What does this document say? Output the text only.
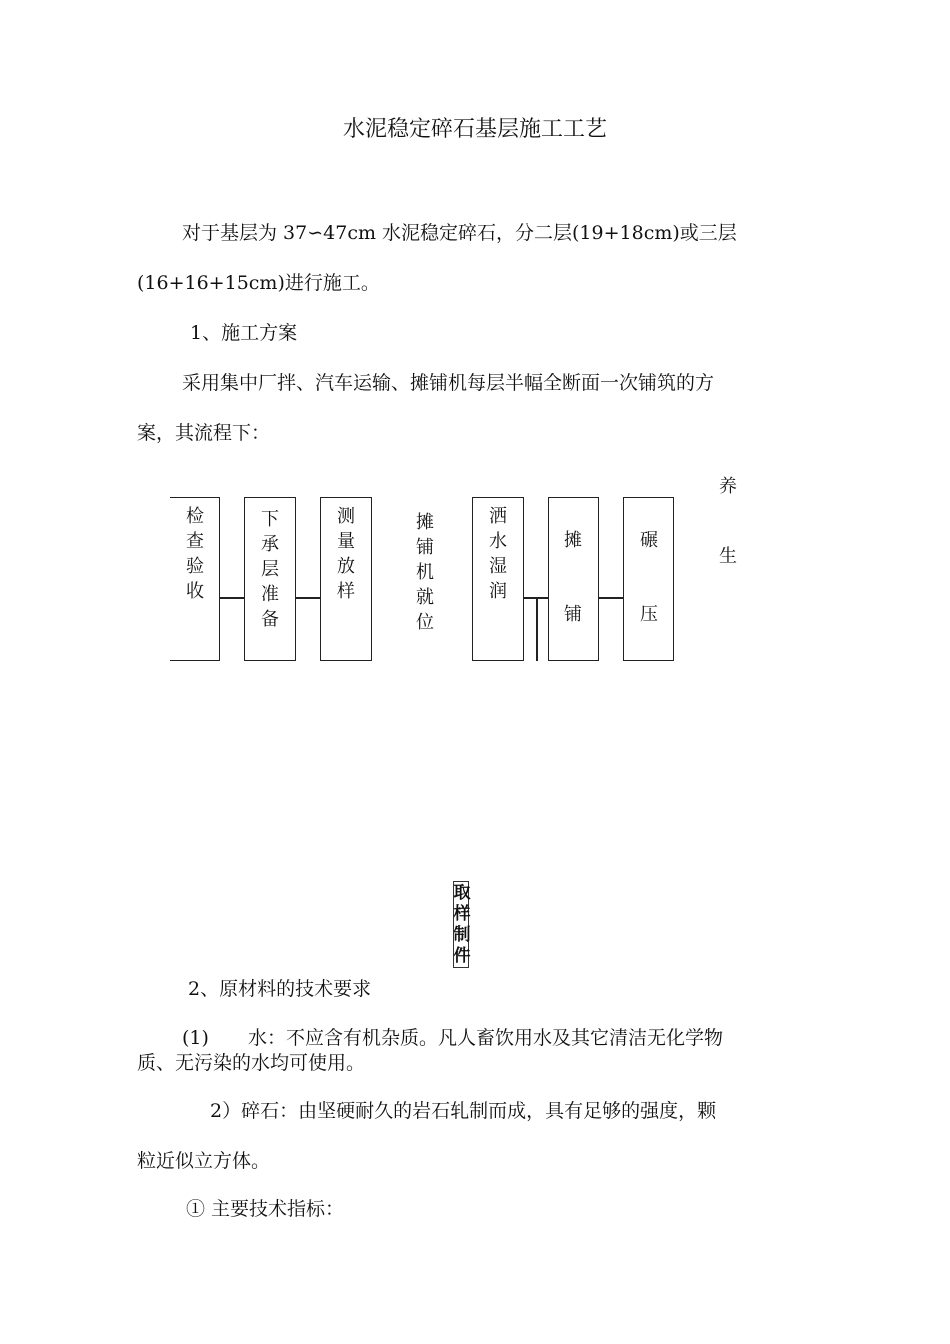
水泥稳定碎石基层施工工艺
对于基层为 37∽47cm 水泥稳定碎石，分二层(19+18cm)或三层
(16+16+15cm)进行施工。
1、施工方案
采用集中厂拌、汽车运输、摊铺机每层半幅全断面一次铺筑的方
案，其流程下：
检查验收
下承层准备
测量放样
摊铺机就位
洒水湿润
摊铺
碾压
养生
取样制件
2、原材料的技术要求
(1) 水：不应含有机杂质。凡人畜饮用水及其它清洁无化学物
质、无污染的水均可使用。
2）碎石：由坚硬耐久的岩石轧制而成，具有足够的强度，颗
粒近似立方体。
① 主要技术指标：
